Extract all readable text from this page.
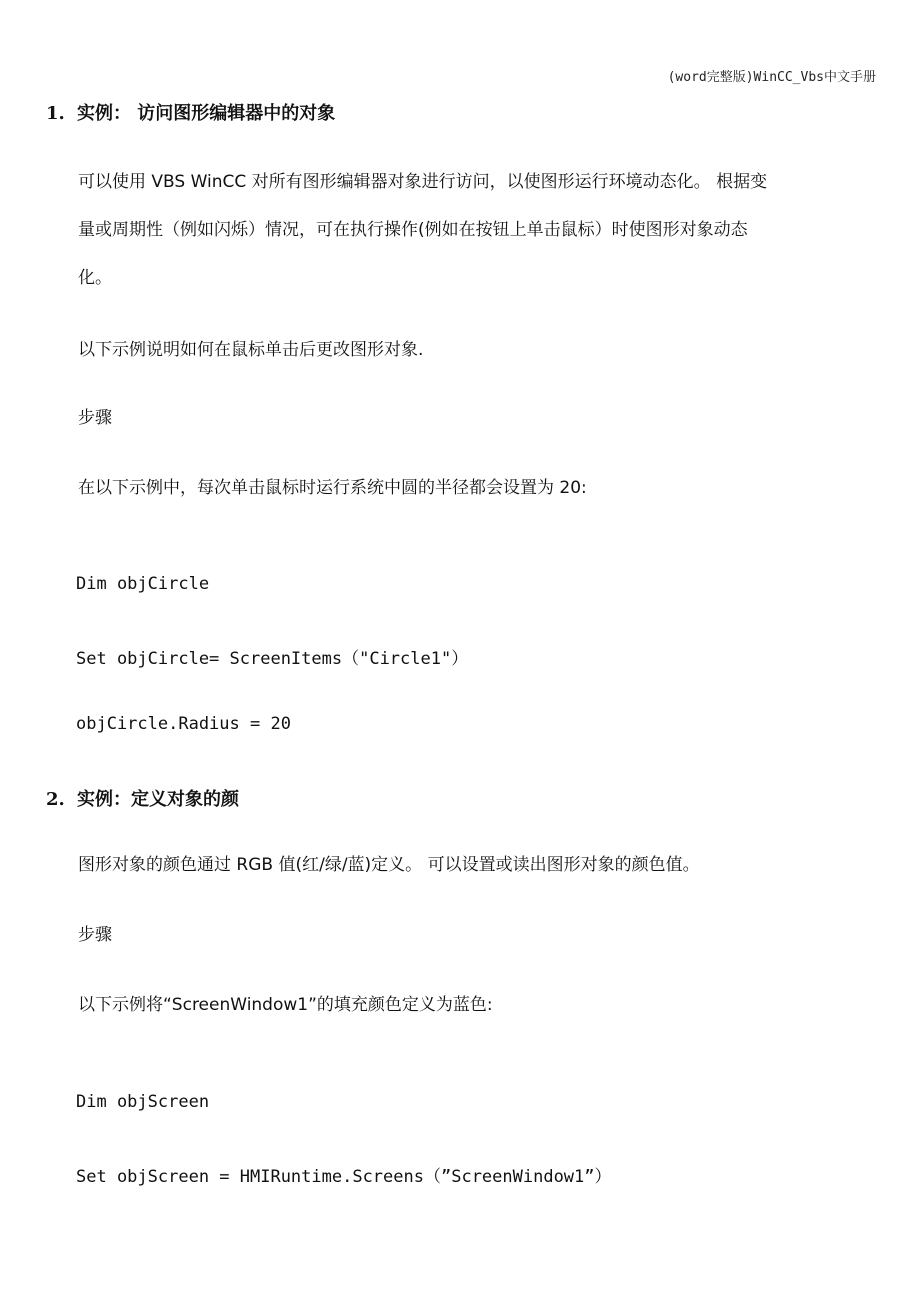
(word完整版)WinCC_Vbs中文手册
1. 实例： 访问图形编辑器中的对象
可以使用 VBS WinCC 对所有图形编辑器对象进行访问，以使图形运行环境动态化。 根据变
量或周期性（例如闪烁）情况，可在执行操作(例如在按钮上单击鼠标）时使图形对象动态
化。
以下示例说明如何在鼠标单击后更改图形对象.
步骤
在以下示例中，每次单击鼠标时运行系统中圆的半径都会设置为 20:
Dim objCircle
Set objCircle= ScreenItems（"Circle1"）
objCircle.Radius = 20
2. 实例：定义对象的颜
图形对象的颜色通过 RGB 值(红/绿/蓝)定义。 可以设置或读出图形对象的颜色值。
步骤
以下示例将“ScreenWindow1”的填充颜色定义为蓝色:
Dim objScreen
Set objScreen = HMIRuntime.Screens（”ScreenWindow1”）
